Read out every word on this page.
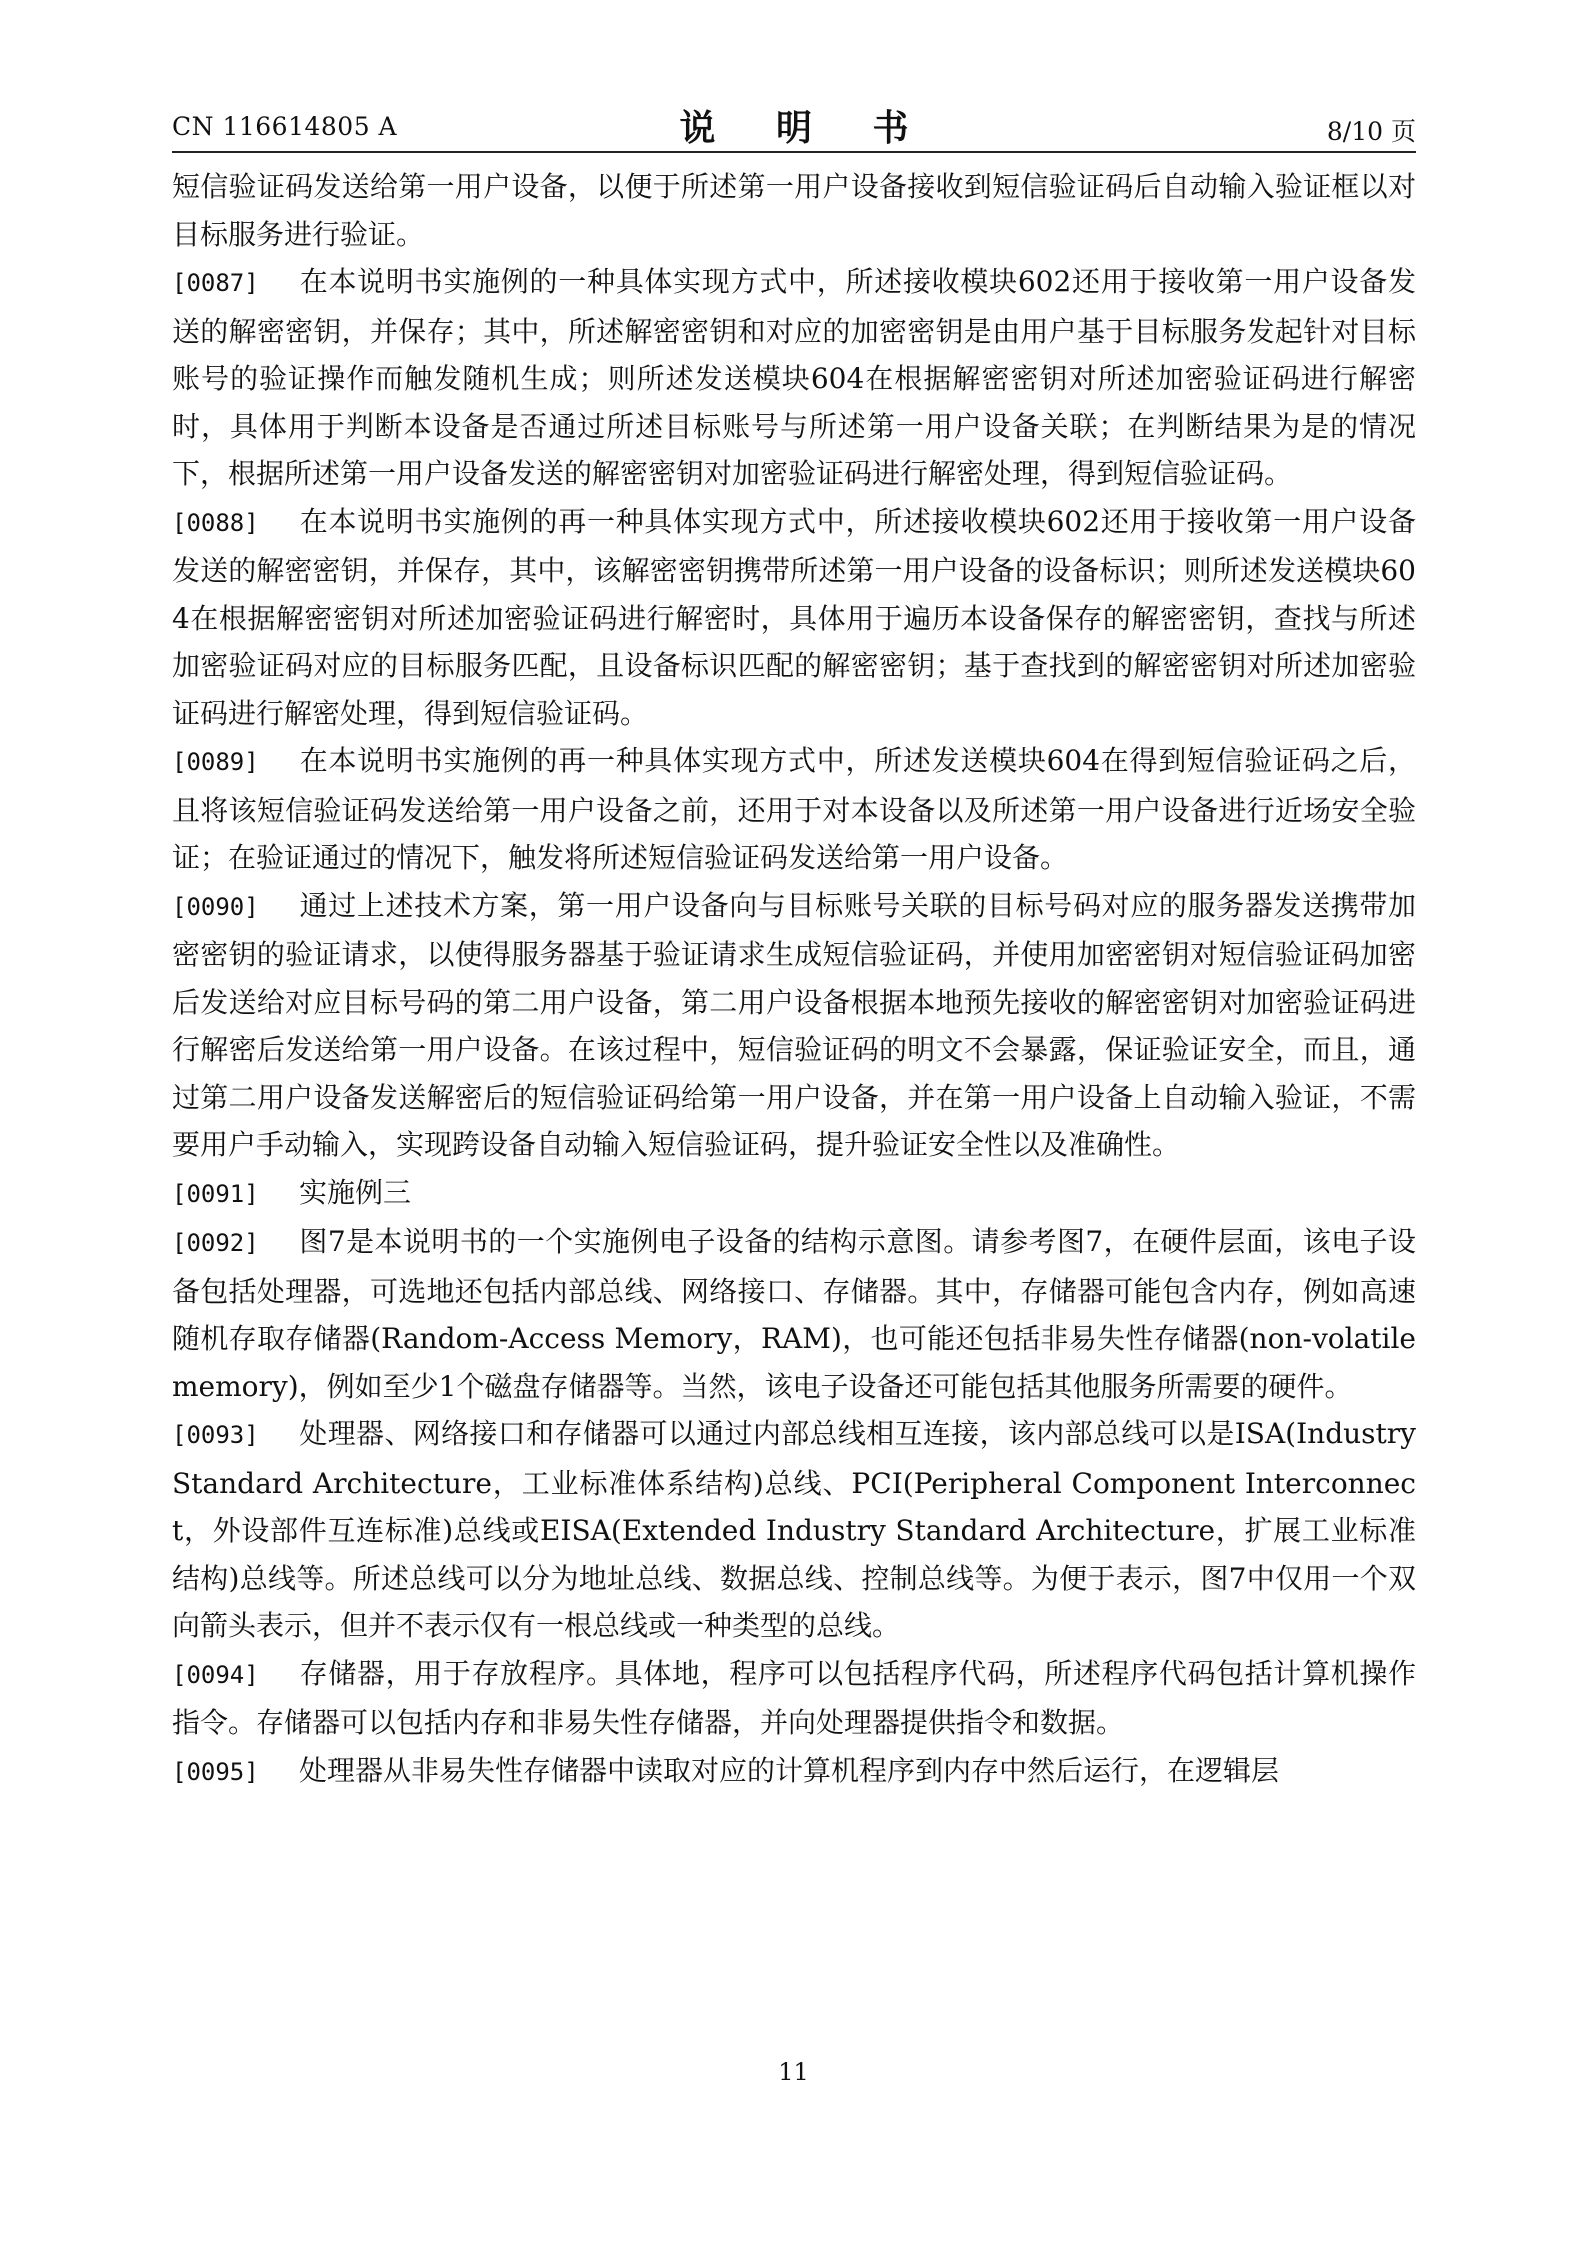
CN 116614805 A	说 明 书	8/10 页

短信验证码发送给第一用户设备，以便于所述第一用户设备接收到短信验证码后自动输入验证框以对目标服务进行验证。

[0087] 在本说明书实施例的一种具体实现方式中，所述接收模块602还用于接收第一用户设备发送的解密密钥，并保存；其中，所述解密密钥和对应的加密密钥是由用户基于目标服务发起针对目标账号的验证操作而触发随机生成；则所述发送模块604在根据解密密钥对所述加密验证码进行解密时，具体用于判断本设备是否通过所述目标账号与所述第一用户设备关联；在判断结果为是的情况下，根据所述第一用户设备发送的解密密钥对加密验证码进行解密处理，得到短信验证码。

[0088] 在本说明书实施例的再一种具体实现方式中，所述接收模块602还用于接收第一用户设备发送的解密密钥，并保存，其中，该解密密钥携带所述第一用户设备的设备标识；则所述发送模块604在根据解密密钥对所述加密验证码进行解密时，具体用于遍历本设备保存的解密密钥，查找与所述加密验证码对应的目标服务匹配，且设备标识匹配的解密密钥；基于查找到的解密密钥对所述加密验证码进行解密处理，得到短信验证码。

[0089] 在本说明书实施例的再一种具体实现方式中，所述发送模块604在得到短信验证码之后，且将该短信验证码发送给第一用户设备之前，还用于对本设备以及所述第一用户设备进行近场安全验证；在验证通过的情况下，触发将所述短信验证码发送给第一用户设备。

[0090] 通过上述技术方案，第一用户设备向与目标账号关联的目标号码对应的服务器发送携带加密密钥的验证请求，以使得服务器基于验证请求生成短信验证码，并使用加密密钥对短信验证码加密后发送给对应目标号码的第二用户设备，第二用户设备根据本地预先接收的解密密钥对加密验证码进行解密后发送给第一用户设备。在该过程中，短信验证码的明文不会暴露，保证验证安全，而且，通过第二用户设备发送解密后的短信验证码给第一用户设备，并在第一用户设备上自动输入验证，不需要用户手动输入，实现跨设备自动输入短信验证码，提升验证安全性以及准确性。

[0091] 实施例三

[0092] 图7是本说明书的一个实施例电子设备的结构示意图。请参考图7，在硬件层面，该电子设备包括处理器，可选地还包括内部总线、网络接口、存储器。其中，存储器可能包含内存，例如高速随机存取存储器(Random-Access Memory，RAM)，也可能还包括非易失性存储器(non-volatile memory)，例如至少1个磁盘存储器等。当然，该电子设备还可能包括其他服务所需要的硬件。

[0093] 处理器、网络接口和存储器可以通过内部总线相互连接，该内部总线可以是ISA(Industry Standard Architecture，工业标准体系结构)总线、PCI(Peripheral Component Interconnect，外设部件互连标准)总线或EISA(Extended Industry Standard Architecture，扩展工业标准结构)总线等。所述总线可以分为地址总线、数据总线、控制总线等。为便于表示，图7中仅用一个双向箭头表示，但并不表示仅有一根总线或一种类型的总线。

[0094] 存储器，用于存放程序。具体地，程序可以包括程序代码，所述程序代码包括计算机操作指令。存储器可以包括内存和非易失性存储器，并向处理器提供指令和数据。

[0095] 处理器从非易失性存储器中读取对应的计算机程序到内存中然后运行，在逻辑层

11
